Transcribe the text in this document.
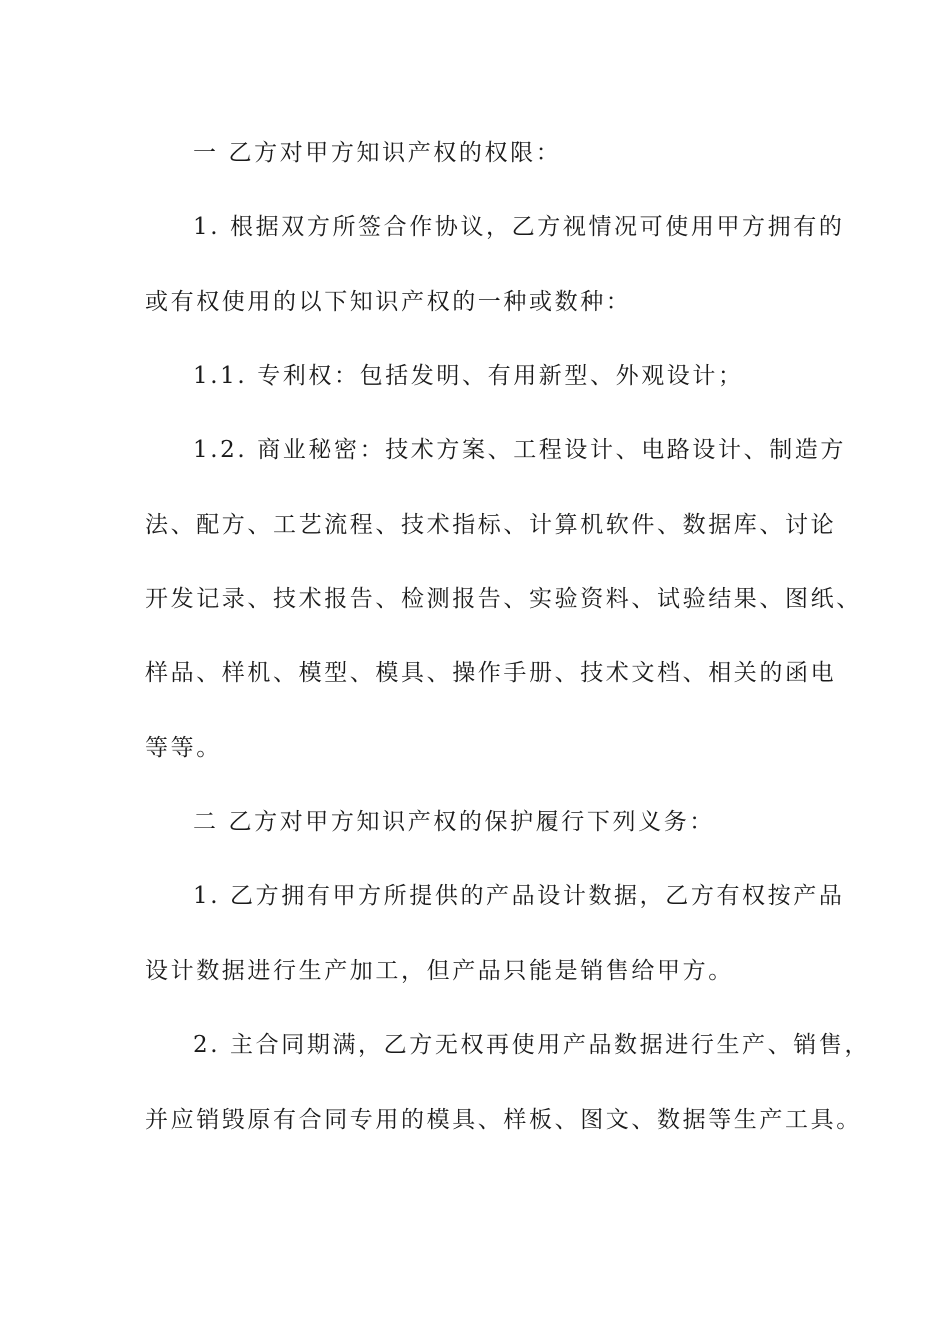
一 乙方对甲方知识产权的权限：
1. 根据双方所签合作协议，乙方视情况可使用甲方拥有的
或有权使用的以下知识产权的一种或数种：
1.1. 专利权：包括发明、有用新型、外观设计；
1.2. 商业秘密：技术方案、工程设计、电路设计、制造方
法、配方、工艺流程、技术指标、计算机软件、数据库、讨论
开发记录、技术报告、检测报告、实验资料、试验结果、图纸、
样品、样机、模型、模具、操作手册、技术文档、相关的函电
等等。
二 乙方对甲方知识产权的保护履行下列义务：
1. 乙方拥有甲方所提供的产品设计数据，乙方有权按产品
设计数据进行生产加工，但产品只能是销售给甲方。
2. 主合同期满，乙方无权再使用产品数据进行生产、销售，
并应销毁原有合同专用的模具、样板、图文、数据等生产工具。
